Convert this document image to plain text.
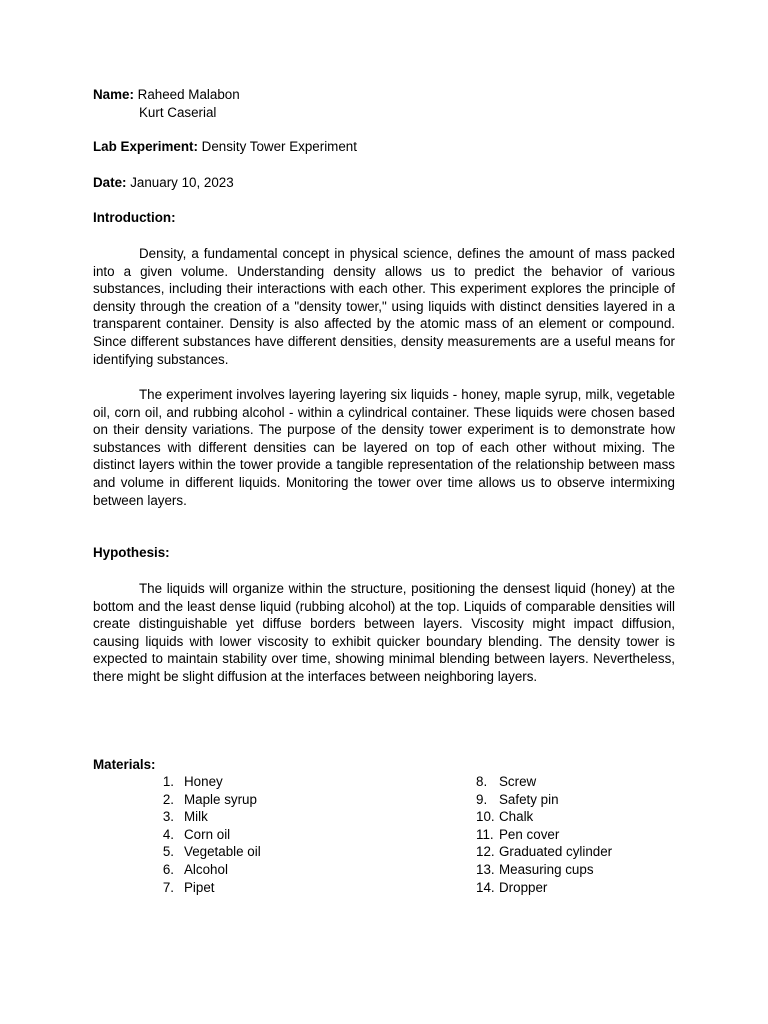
Name: Raheed Malabon
Kurt Caserial
Lab Experiment: Density Tower Experiment
Date: January 10, 2023
Introduction:

Density, a fundamental concept in physical science, defines the amount of mass packed into a given volume. Understanding density allows us to predict the behavior of various substances, including their interactions with each other. This experiment explores the principle of density through the creation of a "density tower," using liquids with distinct densities layered in a transparent container. Density is also affected by the atomic mass of an element or compound. Since different substances have different densities, density measurements are a useful means for identifying substances.

The experiment involves layering layering six liquids - honey, maple syrup, milk, vegetable oil, corn oil, and rubbing alcohol - within a cylindrical container. These liquids were chosen based on their density variations. The purpose of the density tower experiment is to demonstrate how substances with different densities can be layered on top of each other without mixing. The distinct layers within the tower provide a tangible representation of the relationship between mass and volume in different liquids. Monitoring the tower over time allows us to observe intermixing between layers.

Hypothesis:

The liquids will organize within the structure, positioning the densest liquid (honey) at the bottom and the least dense liquid (rubbing alcohol) at the top. Liquids of comparable densities will create distinguishable yet diffuse borders between layers. Viscosity might impact diffusion, causing liquids with lower viscosity to exhibit quicker boundary blending. The density tower is expected to maintain stability over time, showing minimal blending between layers. Nevertheless, there might be slight diffusion at the interfaces between neighboring layers.

Materials:
1. Honey
2. Maple syrup
3. Milk
4. Corn oil
5. Vegetable oil
6. Alcohol
7. Pipet
8. Screw
9. Safety pin
10. Chalk
11. Pen cover
12. Graduated cylinder
13. Measuring cups
14. Dropper
